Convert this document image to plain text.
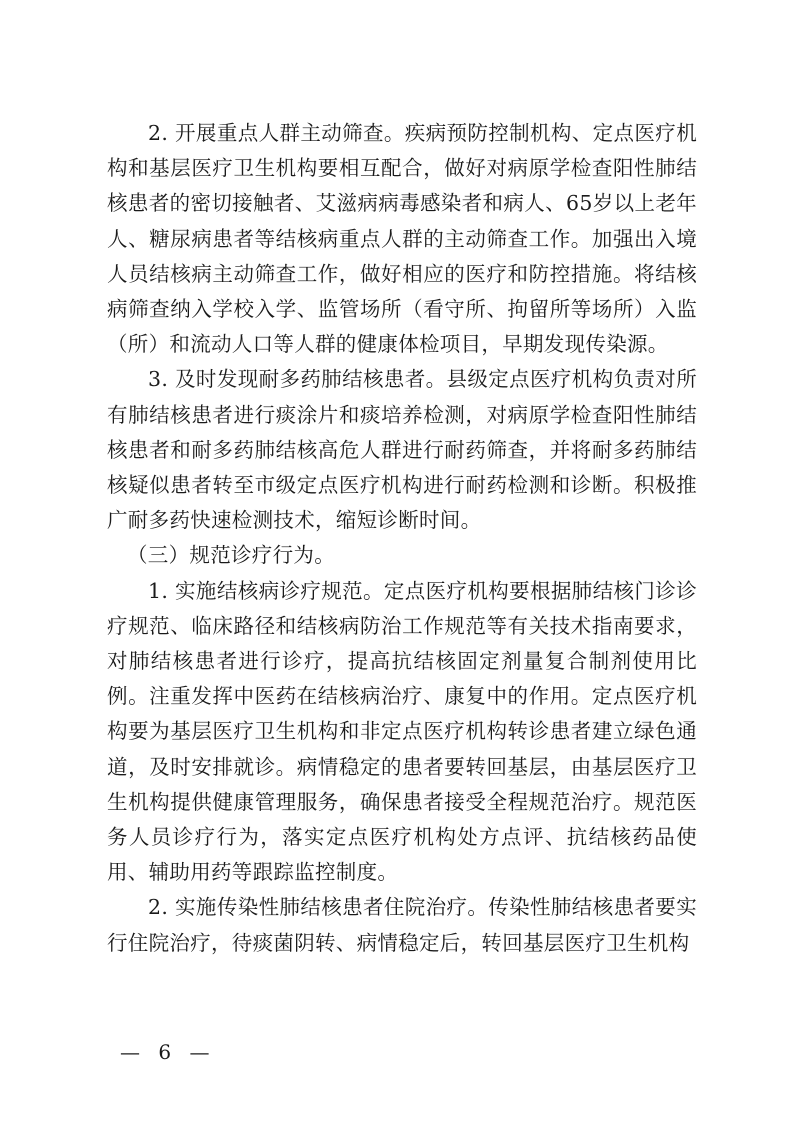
2. 开展重点人群主动筛查。疾病预防控制机构、定点医疗机构和基层医疗卫生机构要相互配合，做好对病原学检查阳性肺结核患者的密切接触者、艾滋病病毒感染者和病人、65岁以上老年人、糖尿病患者等结核病重点人群的主动筛查工作。加强出入境人员结核病主动筛查工作，做好相应的医疗和防控措施。将结核病筛查纳入学校入学、监管场所（看守所、拘留所等场所）入监（所）和流动人口等人群的健康体检项目，早期发现传染源。

3. 及时发现耐多药肺结核患者。县级定点医疗机构负责对所有肺结核患者进行痰涂片和痰培养检测，对病原学检查阳性肺结核患者和耐多药肺结核高危人群进行耐药筛查，并将耐多药肺结核疑似患者转至市级定点医疗机构进行耐药检测和诊断。积极推广耐多药快速检测技术，缩短诊断时间。

（三）规范诊疗行为。

1. 实施结核病诊疗规范。定点医疗机构要根据肺结核门诊诊疗规范、临床路径和结核病防治工作规范等有关技术指南要求，对肺结核患者进行诊疗，提高抗结核固定剂量复合制剂使用比例。注重发挥中医药在结核病治疗、康复中的作用。定点医疗机构要为基层医疗卫生机构和非定点医疗机构转诊患者建立绿色通道，及时安排就诊。病情稳定的患者要转回基层，由基层医疗卫生机构提供健康管理服务，确保患者接受全程规范治疗。规范医务人员诊疗行为，落实定点医疗机构处方点评、抗结核药品使用、辅助用药等跟踪监控制度。

2. 实施传染性肺结核患者住院治疗。传染性肺结核患者要实行住院治疗，待痰菌阴转、病情稳定后，转回基层医疗卫生机构

— 6 —
